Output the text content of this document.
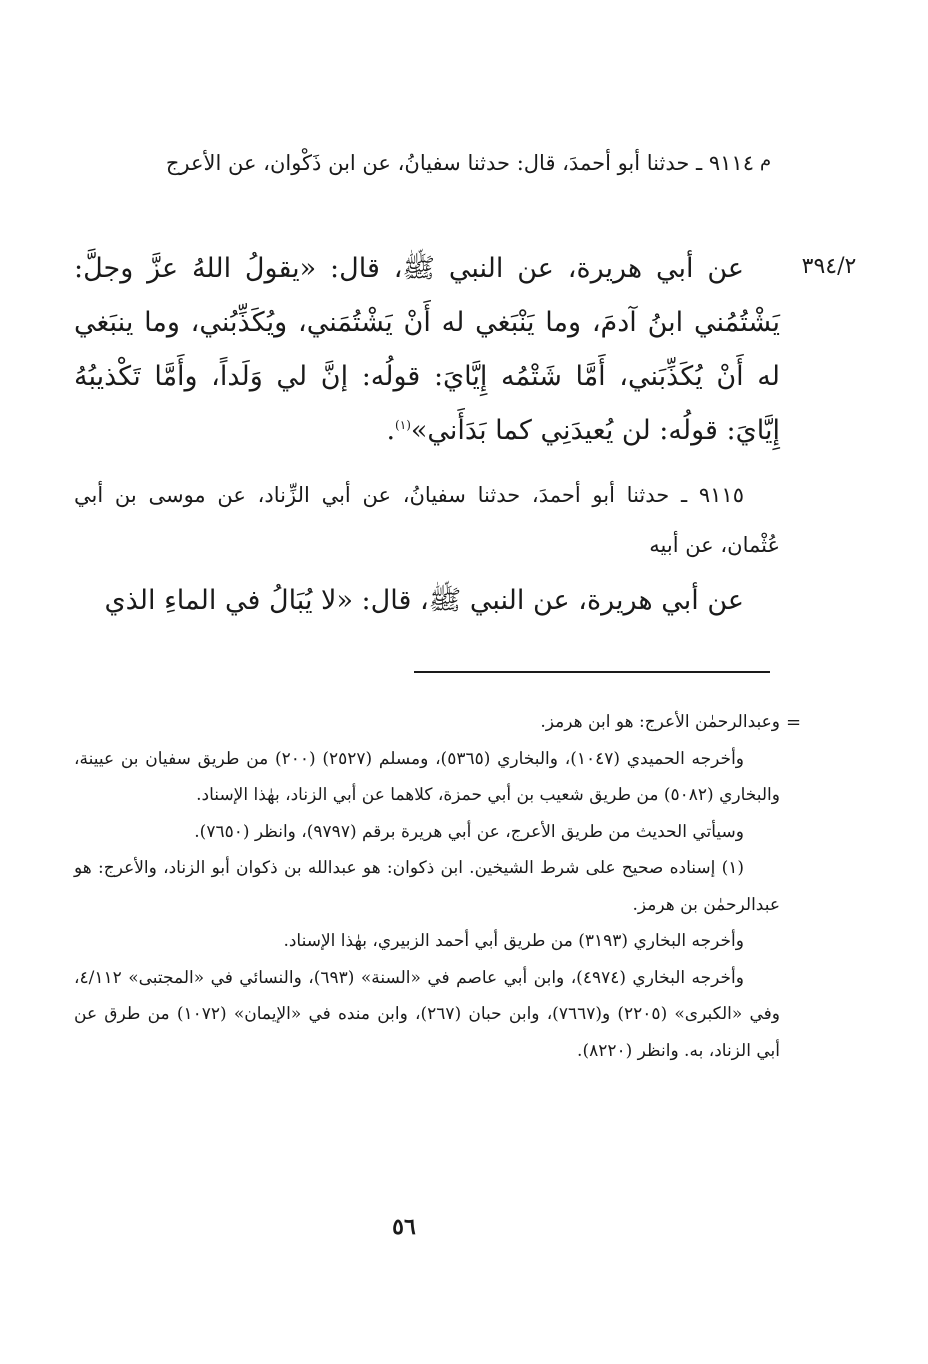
م
٣٩٤/٢
٩١١٤ ـ حدثنا أبو أحمدَ، قال: حدثنا سفيانُ، عن ابن ذَكْوان، عن الأعرج
عن أبي هريرة، عن النبي ﷺ، قال: «يقولُ اللهُ عزَّ وجلَّ: يَشْتُمُني ابنُ آدمَ، وما يَنْبَغي له أَنْ يَشْتُمَني، ويُكَذِّبُني، وما ينبَغي له أَنْ يُكَذِّبَني، أَمَّا شَتْمُه إِيَّايَ: قولُه: إنَّ لي وَلَداً، وأَمَّا تَكْذيبُهُ إِيَّايَ: قولُه: لن يُعيدَنِي كما بَدَأَني»$^{(١)}$.
٩١١٥ ـ حدثنا أبو أحمدَ، حدثنا سفيانُ، عن أبي الزِّناد، عن موسى بن أبي عُثْمان، عن أبيه
عن أبي هريرة، عن النبي ﷺ، قال: «لا يُبَالُ في الماءِ الذي
=
وعبدالرحمٰن الأعرج: هو ابن هرمز.
وأخرجه الحميدي (١٠٤٧)، والبخاري (٥٣٦٥)، ومسلم (٢٥٢٧) (٢٠٠) من طريق سفيان بن عيينة، والبخاري (٥٠٨٢) من طريق شعيب بن أبي حمزة، كلاهما عن أبي الزناد، بهٰذا الإسناد.
وسيأتي الحديث من طريق الأعرج، عن أبي هريرة برقم (٩٧٩٧)، وانظر (٧٦٥٠).
(١) إسناده صحيح على شرط الشيخين. ابن ذكوان: هو عبدالله بن ذكوان أبو الزناد، والأعرج: هو عبدالرحمٰن بن هرمز.
وأخرجه البخاري (٣١٩٣) من طريق أبي أحمد الزبيري، بهٰذا الإسناد.
وأخرجه البخاري (٤٩٧٤)، وابن أبي عاصم في «السنة» (٦٩٣)، والنسائي في «المجتبى» ٤/١١٢، وفي «الكبرى» (٢٢٠٥) و(٧٦٦٧)، وابن حبان (٢٦٧)، وابن منده في «الإيمان» (١٠٧٢) من طرق عن أبي الزناد، به. وانظر (٨٢٢٠).
٥٦
